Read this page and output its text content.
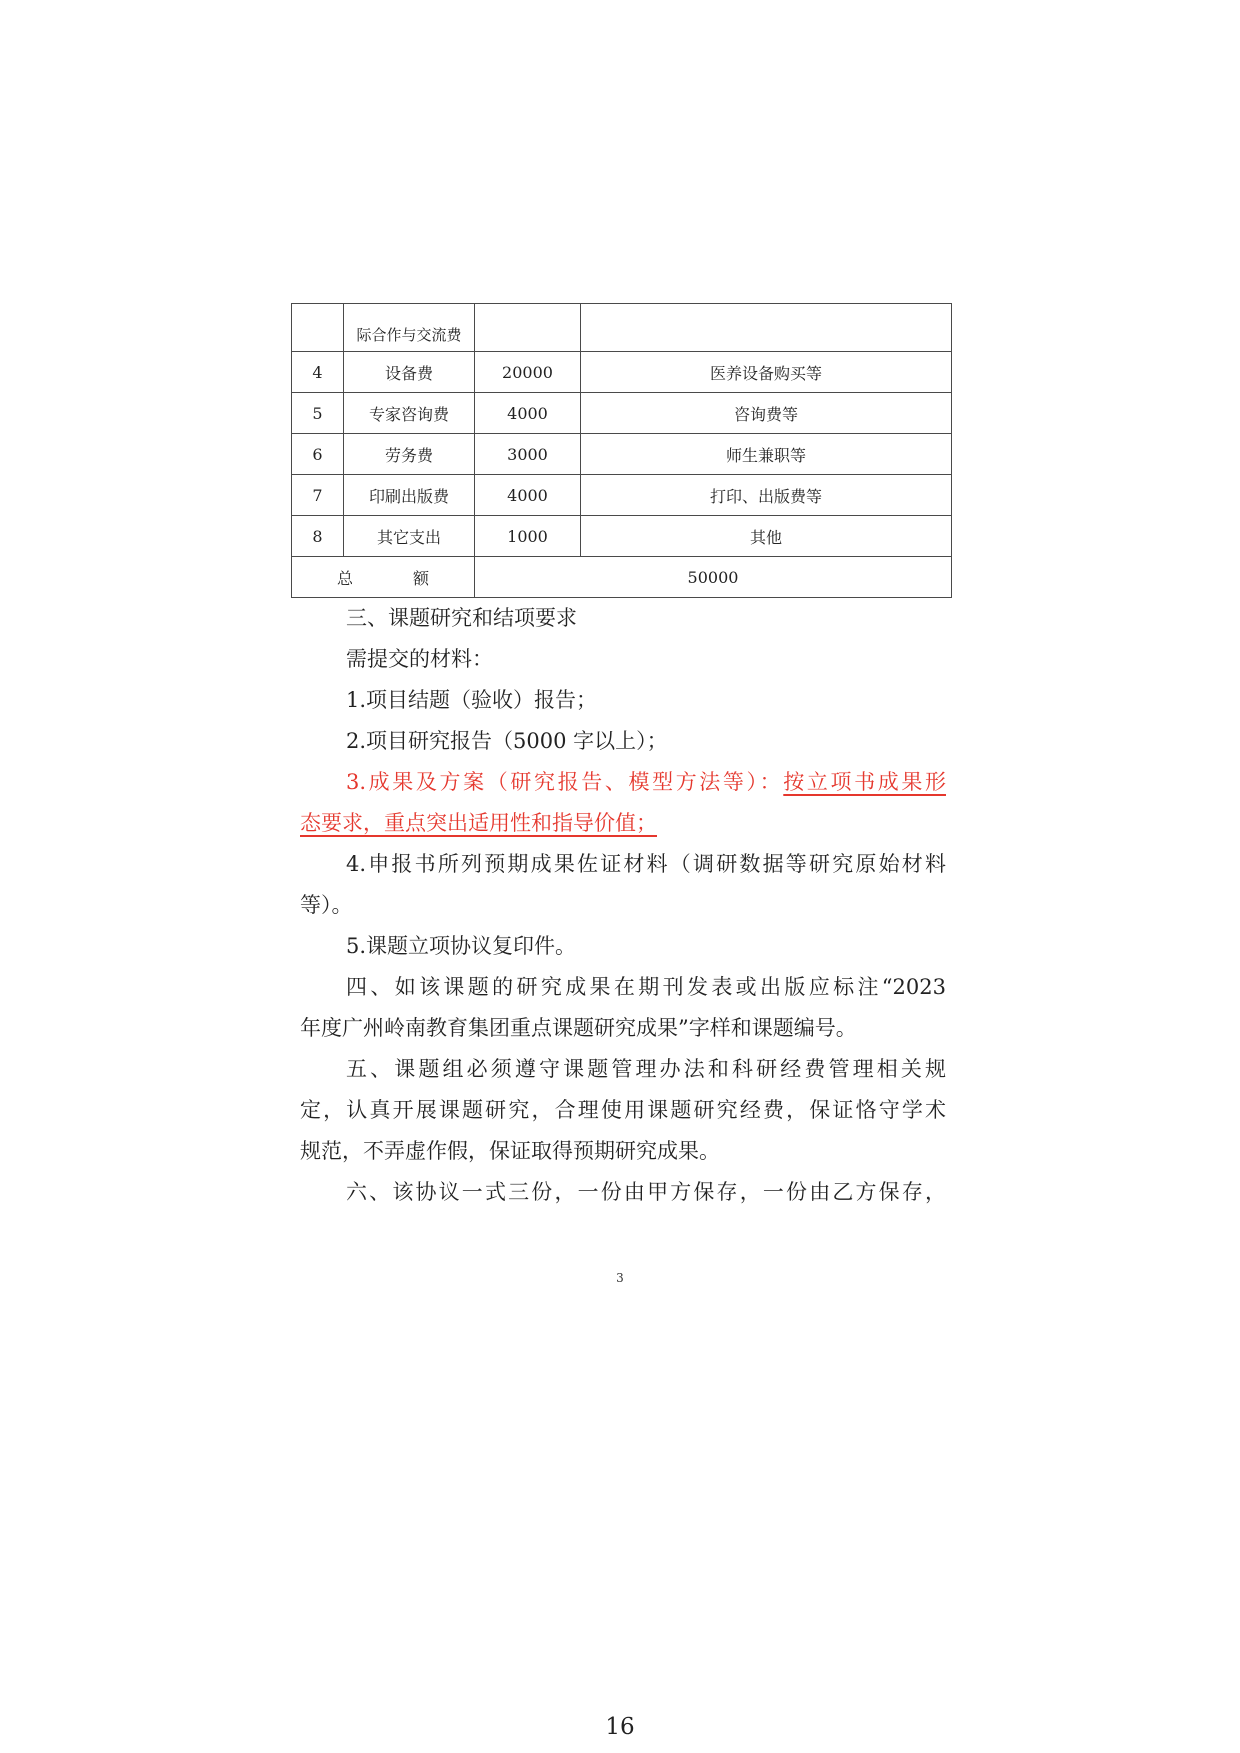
	际合作与交流费		
4	设备费	20000	医养设备购买等
5	专家咨询费	4000	咨询费等
6	劳务费	3000	师生兼职等
7	印刷出版费	4000	打印、出版费等
8	其它支出	1000	其他
总额		50000	
三、课题研究和结项要求
需提交的材料：
1.项目结题（验收）报告；
2.项目研究报告（5000 字以上）；
3.成果及方案（研究报告、模型方法等）：按立项书成果形
态要求，重点突出适用性和指导价值；
4.申报书所列预期成果佐证材料（调研数据等研究原始材料
等）。
5.课题立项协议复印件。
四、如该课题的研究成果在期刊发表或出版应标注“2023
年度广州岭南教育集团重点课题研究成果”字样和课题编号。
五、课题组必须遵守课题管理办法和科研经费管理相关规
定，认真开展课题研究，合理使用课题研究经费，保证恪守学术
规范，不弄虚作假，保证取得预期研究成果。
六、该协议一式三份，一份由甲方保存，一份由乙方保存，
3
16
